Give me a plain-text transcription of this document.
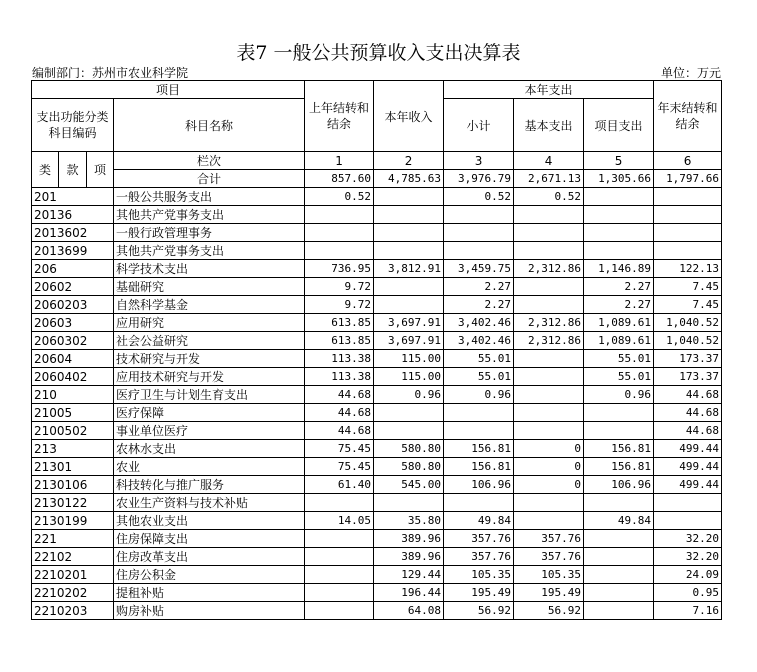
表7 一般公共预算收入支出决算表
编制部门：苏州市农业科学院	单位：万元
项目				上年结转和结余	本年收入	本年支出			年末结转和结余
支出功能分类科目编码			科目名称			小计	基本支出	项目支出	

类	款	项	栏次	1	2	3	4	5	6
			合计	857.60	4,785.63	3,976.79	2,671.13	1,305.66	1,797.66
201			一般公共服务支出	0.52		0.52	0.52		
20136			其他共产党事务支出						
2013602			一般行政管理事务						
2013699			其他共产党事务支出						
206			科学技术支出	736.95	3,812.91	3,459.75	2,312.86	1,146.89	122.13
20602			基础研究	9.72		2.27		2.27	7.45
2060203			自然科学基金	9.72		2.27		2.27	7.45
20603			应用研究	613.85	3,697.91	3,402.46	2,312.86	1,089.61	1,040.52
2060302			社会公益研究	613.85	3,697.91	3,402.46	2,312.86	1,089.61	1,040.52
20604			技术研究与开发	113.38	115.00	55.01		55.01	173.37
2060402			应用技术研究与开发	113.38	115.00	55.01		55.01	173.37
210			医疗卫生与计划生育支出	44.68	0.96	0.96		0.96	44.68
21005			医疗保障	44.68					44.68
2100502			事业单位医疗	44.68					44.68
213			农林水支出	75.45	580.80	156.81	0	156.81	499.44
21301			农业	75.45	580.80	156.81	0	156.81	499.44
2130106			科技转化与推广服务	61.40	545.00	106.96	0	106.96	499.44
2130122			农业生产资料与技术补贴						
2130199			其他农业支出	14.05	35.80	49.84		49.84	
221			住房保障支出		389.96	357.76	357.76		32.20
22102			住房改革支出		389.96	357.76	357.76		32.20
2210201			住房公积金		129.44	105.35	105.35		24.09
2210202			提租补贴		196.44	195.49	195.49		0.95
2210203			购房补贴		64.08	56.92	56.92		7.16
